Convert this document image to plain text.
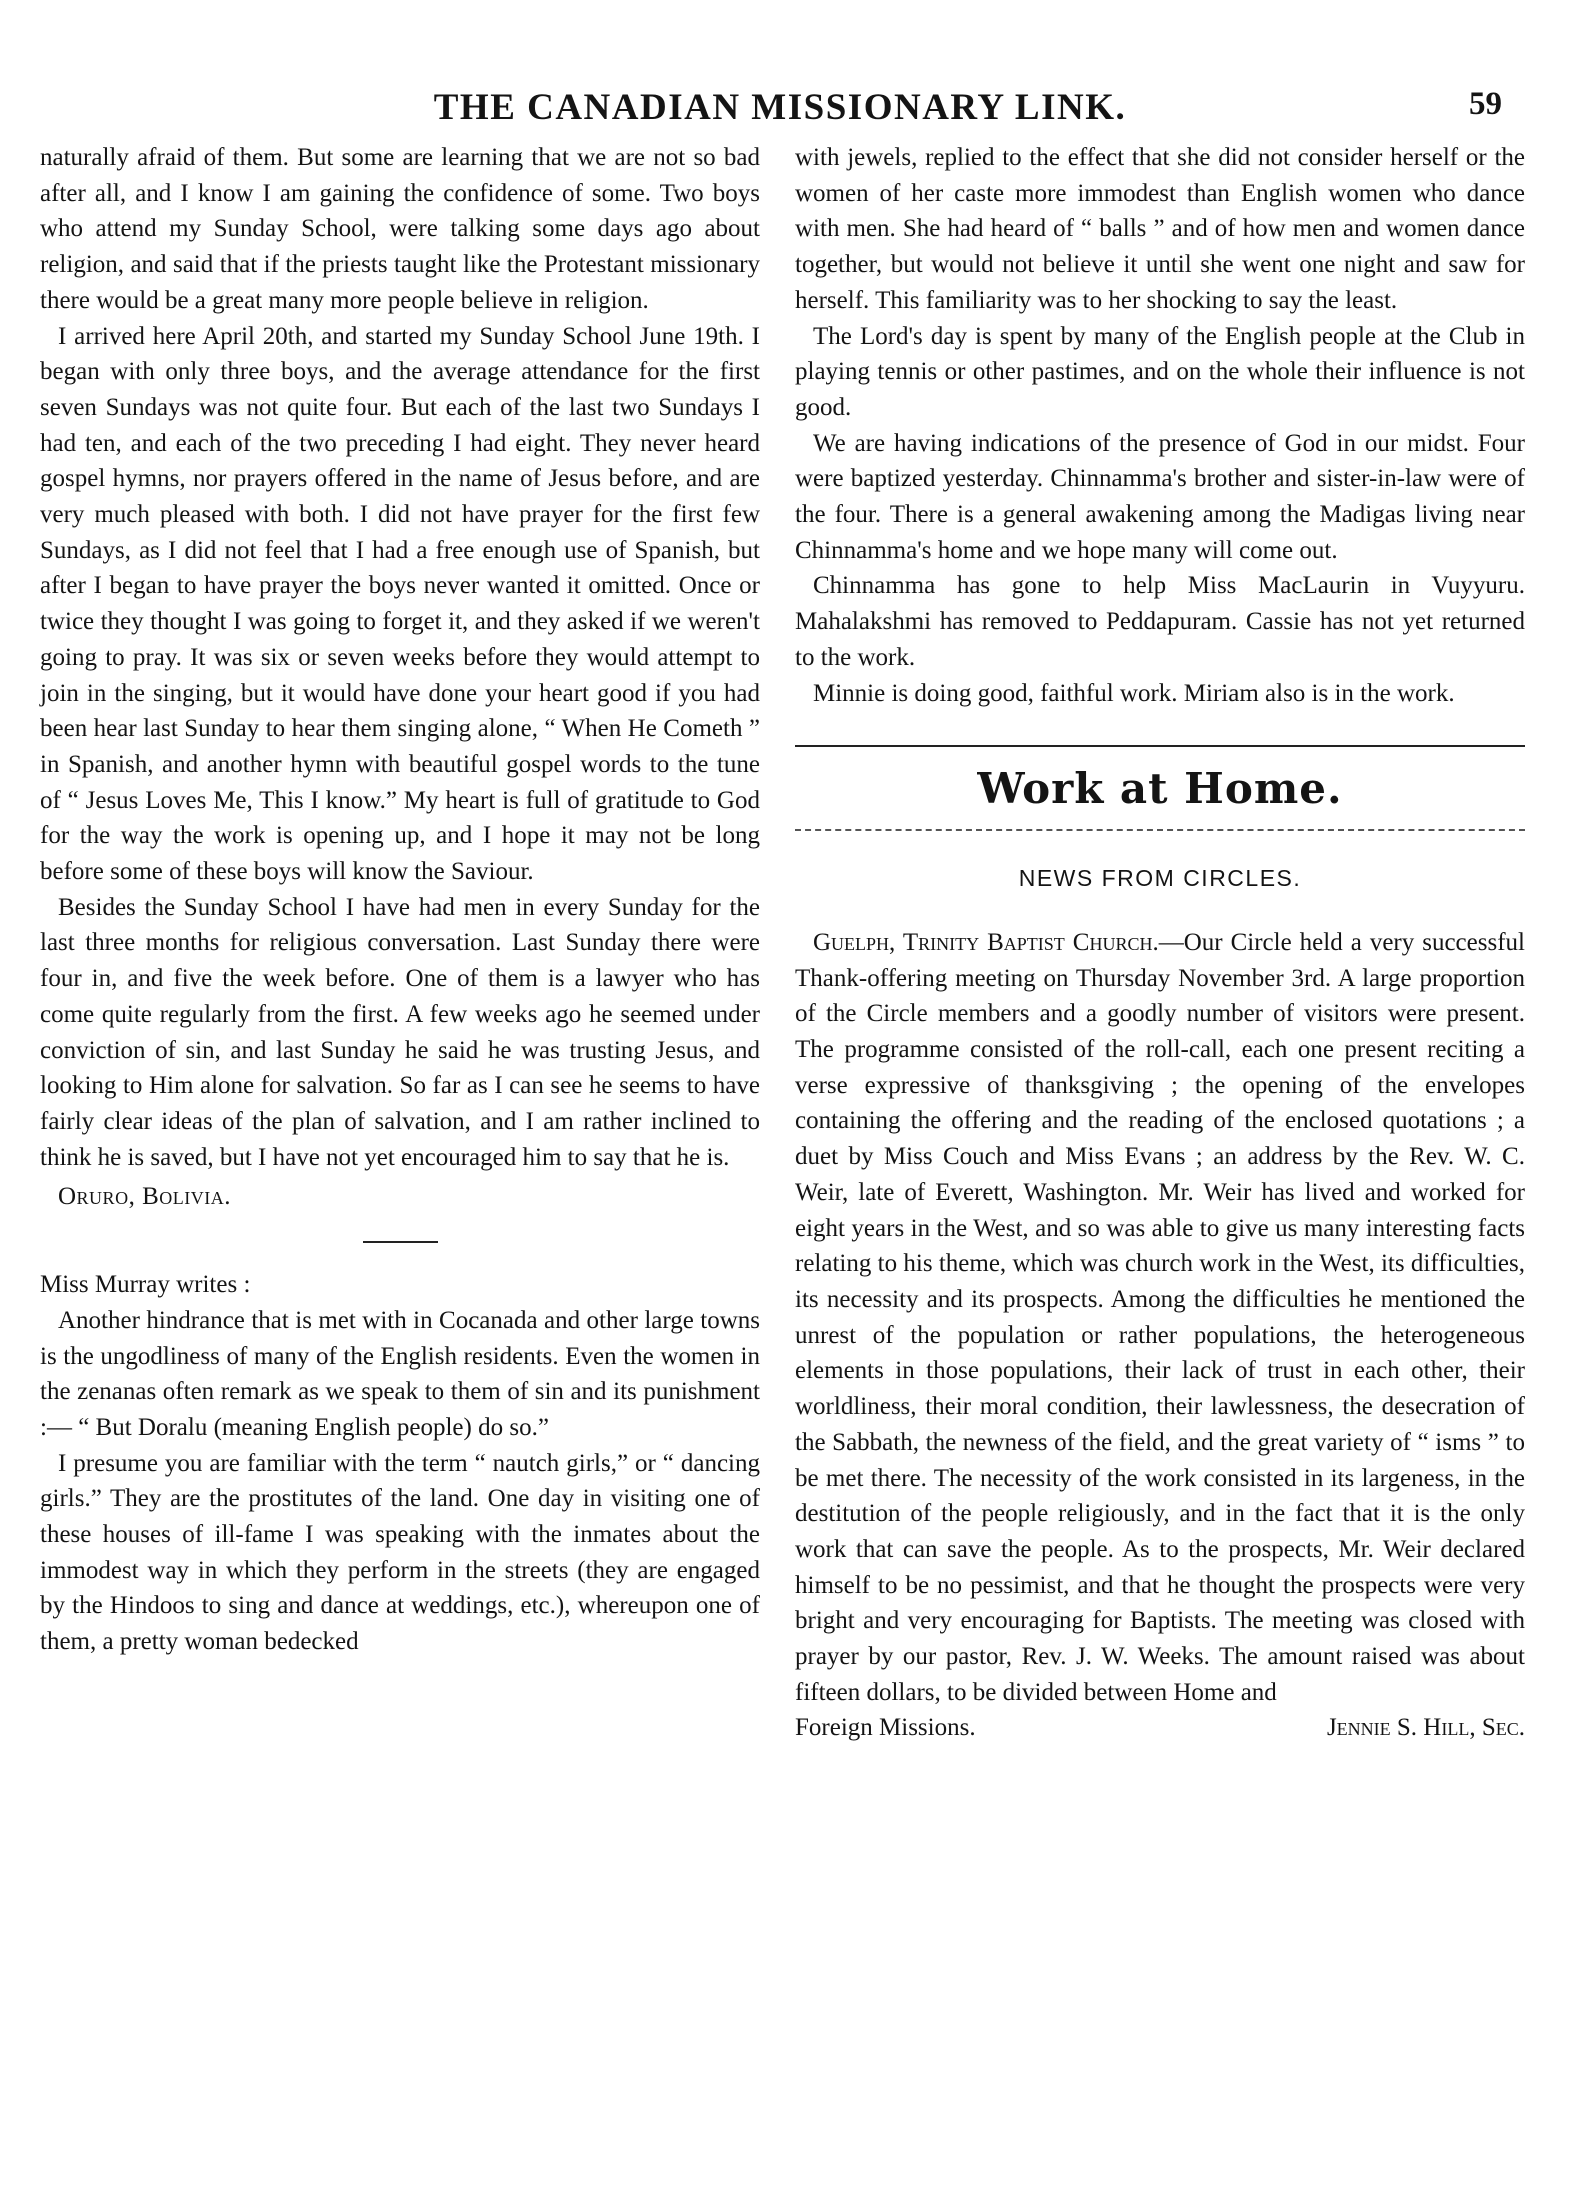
THE CANADIAN MISSIONARY LINK.	59

naturally afraid of them. But some are learning that we are not so bad after all, and I know I am gaining the confidence of some. Two boys who attend my Sunday School, were talking some days ago about religion, and said that if the priests taught like the Protestant missionary there would be a great many more people believe in religion.

I arrived here April 20th, and started my Sunday School June 19th. I began with only three boys, and the average attendance for the first seven Sundays was not quite four. But each of the last two Sundays I had ten, and each of the two preceding I had eight. They never heard gospel hymns, nor prayers offered in the name of Jesus before, and are very much pleased with both. I did not have prayer for the first few Sundays, as I did not feel that I had a free enough use of Spanish, but after I began to have prayer the boys never wanted it omitted. Once or twice they thought I was going to forget it, and they asked if we weren't going to pray. It was six or seven weeks before they would attempt to join in the singing, but it would have done your heart good if you had been hear last Sunday to hear them singing alone, “ When He Cometh ” in Spanish, and another hymn with beautiful gospel words to the tune of “ Jesus Loves Me, This I know.” My heart is full of gratitude to God for the way the work is opening up, and I hope it may not be long before some of these boys will know the Saviour.

Besides the Sunday School I have had men in every Sunday for the last three months for religious conversation. Last Sunday there were four in, and five the week before. One of them is a lawyer who has come quite regularly from the first. A few weeks ago he seemed under conviction of sin, and last Sunday he said he was trusting Jesus, and looking to Him alone for salvation. So far as I can see he seems to have fairly clear ideas of the plan of salvation, and I am rather inclined to think he is saved, but I have not yet encouraged him to say that he is.

Oruro, Bolivia.

Miss Murray writes :

Another hindrance that is met with in Cocanada and other large towns is the ungodliness of many of the English residents. Even the women in the zenanas often remark as we speak to them of sin and its punishment :— “ But Doralu (meaning English people) do so.”

I presume you are familiar with the term “ nautch girls,” or “ dancing girls.” They are the prostitutes of the land. One day in visiting one of these houses of ill-fame I was speaking with the inmates about the immodest way in which they perform in the streets (they are engaged by the Hindoos to sing and dance at weddings, etc.), whereupon one of them, a pretty woman bedecked

with jewels, replied to the effect that she did not consider herself or the women of her caste more immodest than English women who dance with men. She had heard of “ balls ” and of how men and women dance together, but would not believe it until she went one night and saw for herself. This familiarity was to her shocking to say the least.

The Lord's day is spent by many of the English people at the Club in playing tennis or other pastimes, and on the whole their influence is not good.

We are having indications of the presence of God in our midst. Four were baptized yesterday. Chinnamma's brother and sister-in-law were of the four. There is a general awakening among the Madigas living near Chinnamma's home and we hope many will come out.

Chinnamma has gone to help Miss MacLaurin in Vuyyuru. Mahalakshmi has removed to Peddapuram. Cassie has not yet returned to the work.

Minnie is doing good, faithful work. Miriam also is in the work.

Work at Home.
NEWS FROM CIRCLES.

Guelph, Trinity Baptist Church.—Our Circle held a very successful Thank-offering meeting on Thursday November 3rd. A large proportion of the Circle members and a goodly number of visitors were present. The programme consisted of the roll-call, each one present reciting a verse expressive of thanksgiving ; the opening of the envelopes containing the offering and the reading of the enclosed quotations ; a duet by Miss Couch and Miss Evans ; an address by the Rev. W. C. Weir, late of Everett, Washington. Mr. Weir has lived and worked for eight years in the West, and so was able to give us many interesting facts relating to his theme, which was church work in the West, its difficulties, its necessity and its prospects. Among the difficulties he mentioned the unrest of the population or rather populations, the heterogeneous elements in those populations, their lack of trust in each other, their worldliness, their moral condition, their lawlessness, the desecration of the Sabbath, the newness of the field, and the great variety of “ isms ” to be met there. The necessity of the work consisted in its largeness, in the destitution of the people religiously, and in the fact that it is the only work that can save the people. As to the prospects, Mr. Weir declared himself to be no pessimist, and that he thought the prospects were very bright and very encouraging for Baptists. The meeting was closed with prayer by our pastor, Rev. J. W. Weeks. The amount raised was about fifteen dollars, to be divided between Home and

Foreign Missions.	Jennie S. Hill, Sec.
